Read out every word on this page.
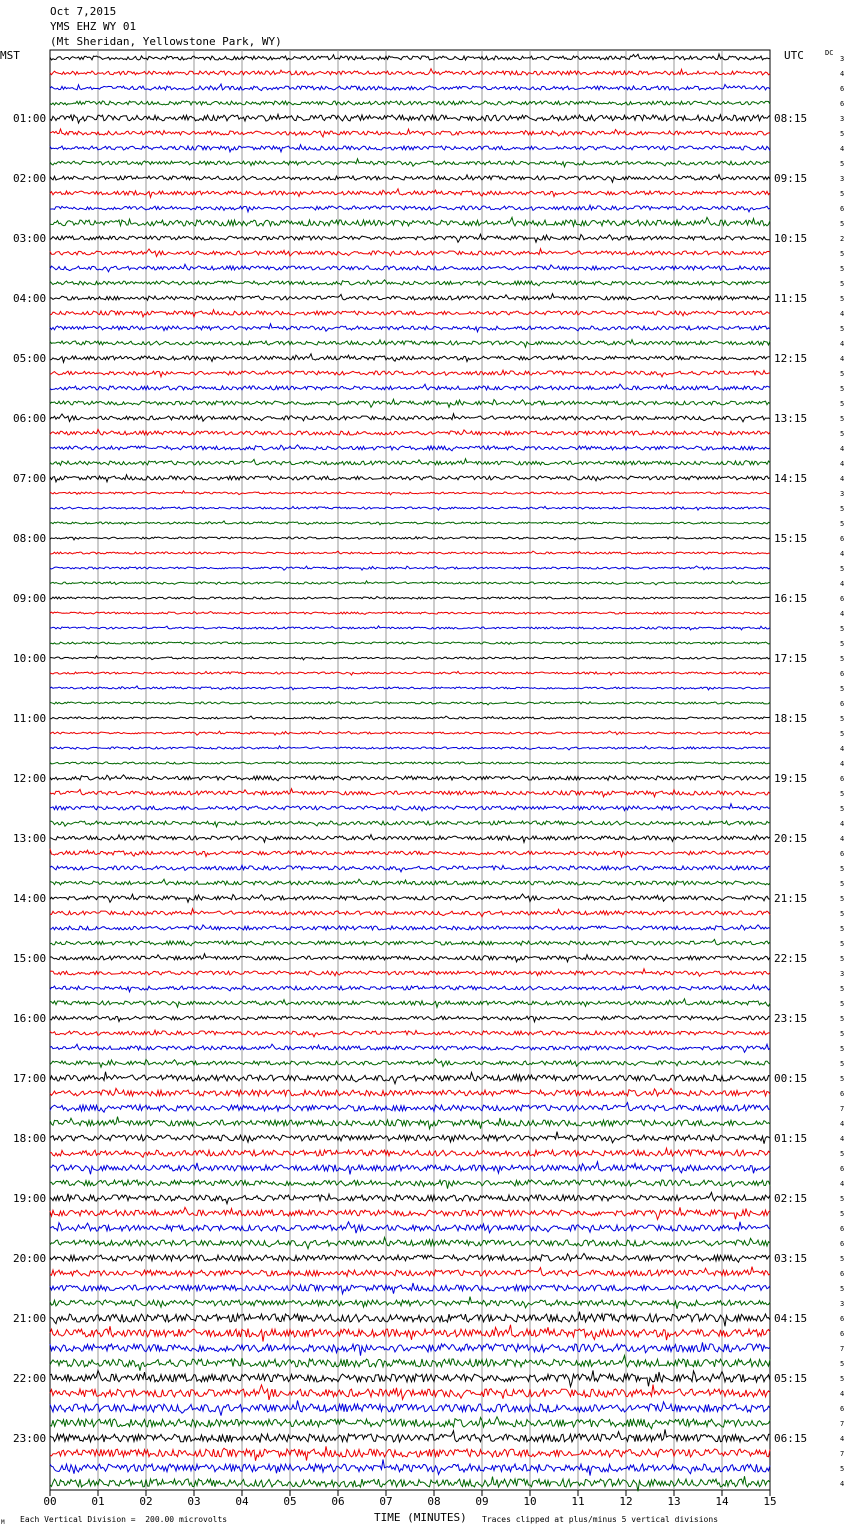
Oct 7,2015
YMS EHZ WY 01
(Mt Sheridan, Yellowstone Park, WY)
MST	UTC	DC
3
4
6
6
3
5
4
5
3
5
6
5
2
5
5
5
5
4
5
4
4
5
5
5
5
5
4
4
4
3
5
5
6
4
5
4
6
4
5
5
5
6
5
6
5
5
4
4
6
5
5
4
4
6
5
5
5
5
5
5
5
3
5
5
5
5
5
5
5
6
7
4
4
5
6
4
5
5
6
6
5
6
5
3
6
6
7
5
5
4
6
7
4
7
5
4
01:00
02:00
03:00
04:00
05:00
06:00
07:00
08:00
09:00
10:00
11:00
12:00
13:00
14:00
15:00
16:00
17:00
18:00
19:00
20:00
21:00
22:00
23:00
08:15
09:15
10:15
11:15
12:15
13:15
14:15
15:15
16:15
17:15
18:15
19:15
20:15
21:15
22:15
23:15
00:15
01:15
02:15
03:15
04:15
05:15
06:15
00	01	02	03	04	05	06	07	08	09	10	11	12	13	14	15
Each Vertical Division =  200.00 microvolts	TIME (MINUTES) Traces clipped at plus/minus 5 vertical divisions
M
